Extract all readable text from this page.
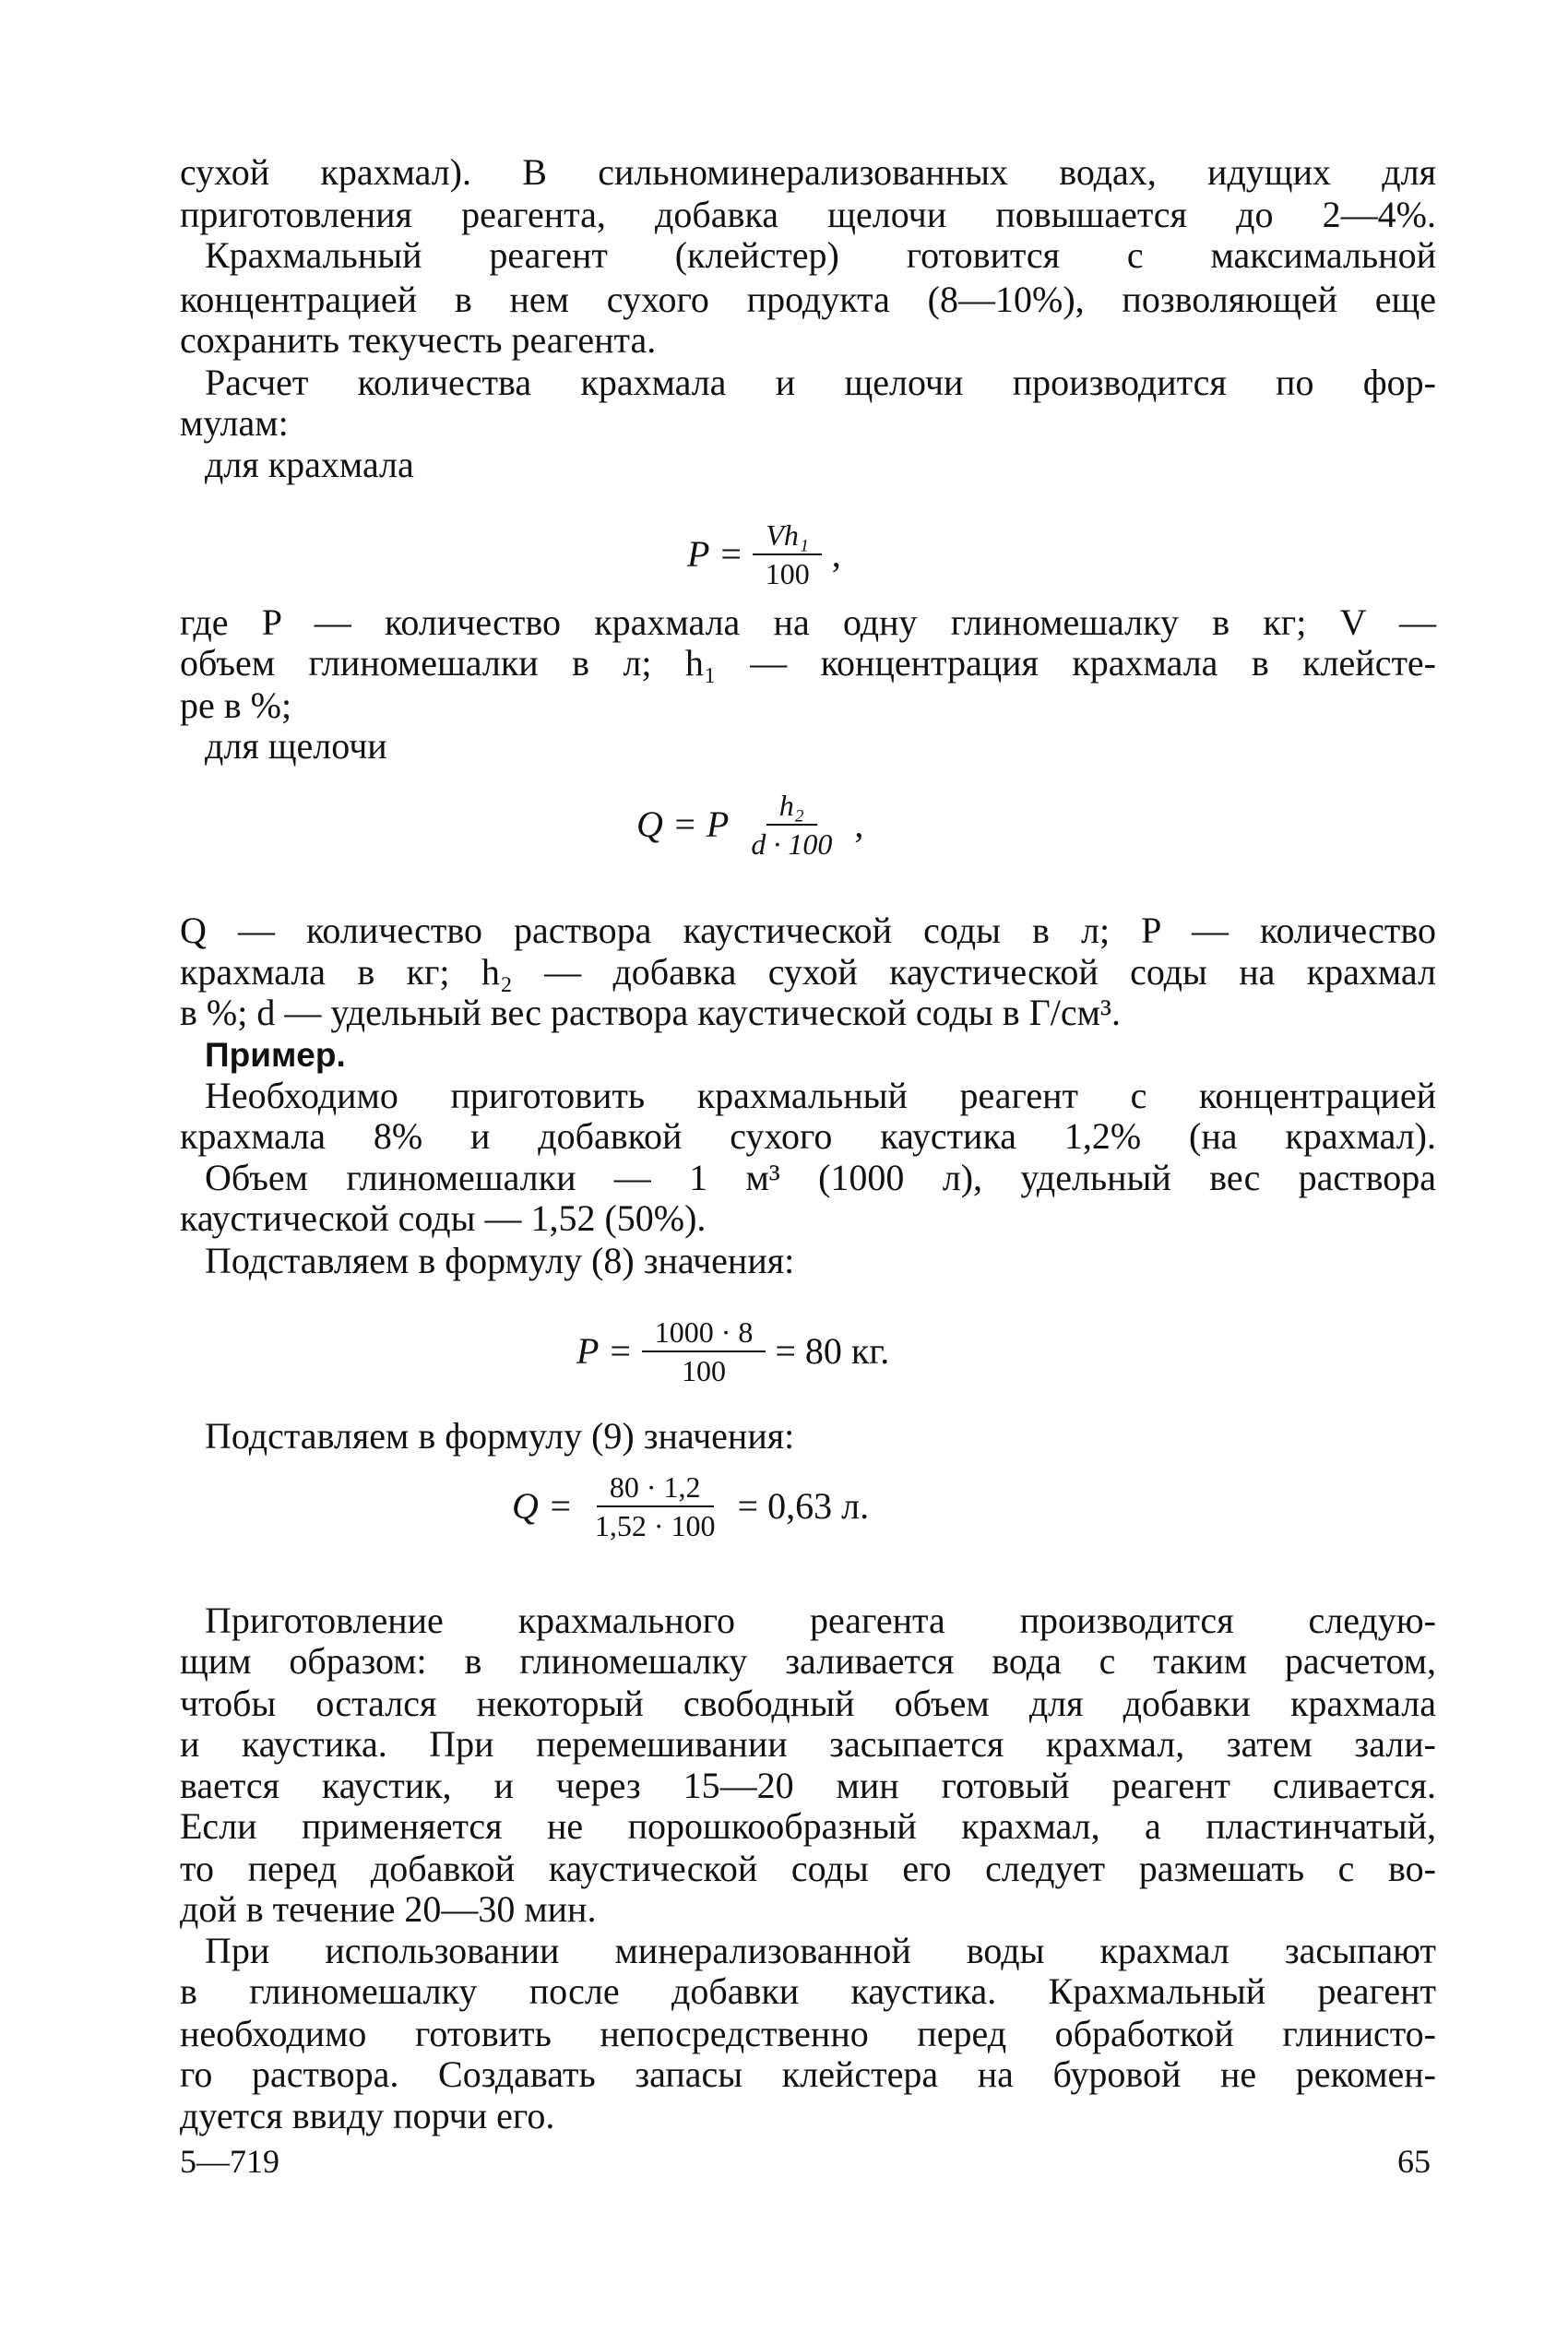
сухой крахмал). В сильноминерализованных водах, идущих для
приготовления реагента, добавка щелочи повышается до 2—4%.
Крахмальный реагент (клейстер) готовится с максимальной
концентрацией в нем сухого продукта (8—10%), позволяющей еще
сохранить текучесть реагента.
Расчет количества крахмала и щелочи производится по фор-
мулам:
для крахмала
$P = \frac{\text{Vh₁}}{100}$ ,
где P — количество крахмала на одну глиномешалку в кг; V —
объем глиномешалки в л; h₁ — концентрация крахмала в клейсте-
ре в %;
для щелочи
Q = P $\frac{\text{h₂}}{d \cdot 100}$ ,
Q — количество раствора каустической соды в л; P — количество
крахмала в кг; h₂ — добавка сухой каустической соды на крахмал
в %; d — удельный вес раствора каустической соды в Г/см³.
Пример.
Необходимо приготовить крахмальный реагент с концентрацией
крахмала 8% и добавкой сухого каустика 1,2% (на крахмал).
Объем глиномешалки — 1 м³ (1000 л), удельный вес раствора
каустической соды — 1,52 (50%).
Подставляем в формулу (8) значения:
$P = \frac{1000 \cdot 8}{100} = 80$ кг.
Подставляем в формулу (9) значения:
$Q = \frac{80 \cdot 1,2}{1,52 \cdot 100} = 0,63$ л.
Приготовление крахмального реагента производится следую-
щим образом: в глиномешалку заливается вода с таким расчетом,
чтобы остался некоторый свободный объем для добавки крахмала
и каустика. При перемешивании засыпается крахмал, затем зали-
вается каустик, и через 15—20 мин готовый реагент сливается.
Если применяется не порошкообразный крахмал, а пластинчатый,
то перед добавкой каустической соды его следует размешать с во-
дой в течение 20—30 мин.
При использовании минерализованной воды крахмал засыпают
в глиномешалку после добавки каустика. Крахмальный реагент
необходимо готовить непосредственно перед обработкой глинисто-
го раствора. Создавать запасы клейстера на буровой не рекомен-
дуется ввиду порчи его.
5—719	65
